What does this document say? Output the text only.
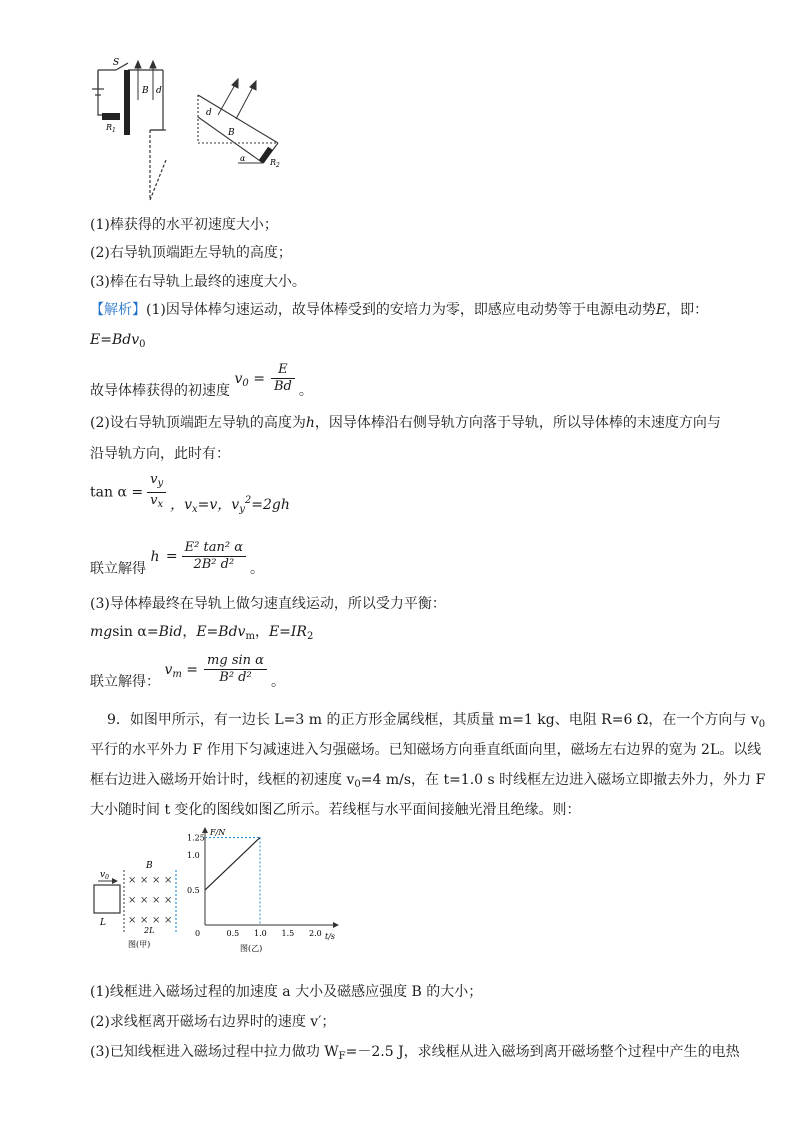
S
B d
$R_1$
d
B
α	$R_2$
(1)棒获得的水平初速度大小；
(2)右导轨顶端距左导轨的高度；
(3)棒在右导轨上最终的速度大小。
【解析】(1)因导体棒匀速运动，故导体棒受到的安培力为零，即感应电动势等于电源电动势E，即：
E=Bdv$_0$
故导体棒获得的初速度 $v_0 = \frac{E}{Bd}$ 。
(2)设右导轨顶端距左导轨的高度为h，因导体棒沿右侧导轨方向落于导轨，所以导体棒的末速度方向与
沿导轨方向，此时有：
$\tan \alpha = \frac{v_y}{v_x}$ ，$v_x=v$，$v_y^2=2gh$
联立解得 $h = \frac{\text{E² tan² α}}{\text{2B² d²}}$ 。
(3)导体棒最终在导轨上做匀速直线运动，所以受力平衡：
mgsin α=Bid，E=Bdv$_m$，$E=IR_2$
联立解得： $v_m = \frac{\text{mg sin α}}{\text{B² d²}}$ 。
9．如图甲所示，有一边长 L=3 m 的正方形金属线框，其质量 m=1 kg、电阻 R=6 Ω，在一个方向与 $v_0$
平行的水平外力 F 作用下匀减速进入匀强磁场。已知磁场方向垂直纸面向里，磁场左右边界的宽为 2L。以线
框右边进入磁场开始计时，线框的初速度 $v_0=4$ m/s，在 t=1.0 s 时线框左边进入磁场立即撤去外力，外力 F
大小随时间 t 变化的图线如图乙所示。若线框与水平面间接触光滑且绝缘。则：
$v_0$
L
× × × ×
× × × ×
× × × ×
B
2L
图(甲)
F/N
t/s
1.25
1.0
0.5
0	0.5 1.0 1.5 2.0
图(乙)
(1)线框进入磁场过程的加速度 a 大小及磁感应强度 B 的大小；
(2)求线框离开磁场右边界时的速度 v′；
(3)已知线框进入磁场过程中拉力做功 $W_F=-2.5$ J，求线框从进入磁场到离开磁场整个过程中产生的电热
